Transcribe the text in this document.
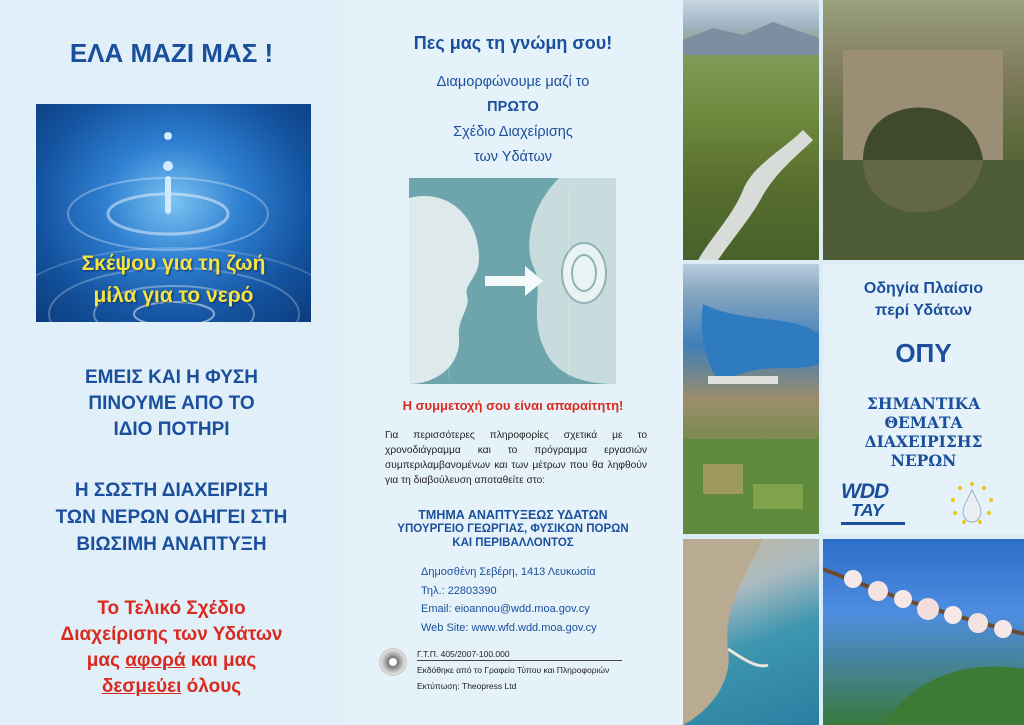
ΕΛΑ ΜΑΖΙ ΜΑΣ !
Σκέψου για τη ζωή
μίλα για το νερό
ΕΜΕΙΣ ΚΑΙ Η ΦΥΣΗ
ΠΙΝΟΥΜΕ ΑΠΟ ΤΟ
ΙΔΙΟ ΠΟΤΗΡΙ
Η ΣΩΣΤΗ ΔΙΑΧΕΙΡΙΣΗ
ΤΩΝ ΝΕΡΩΝ ΟΔΗΓΕΙ ΣΤΗ
ΒΙΩΣΙΜΗ ΑΝΑΠΤΥΞΗ
Το Τελικό Σχέδιο
Διαχείρισης των Υδάτων
μας αφορά και μας
δεσμεύει όλους
Πες μας τη γνώμη σου!
Διαμορφώνουμε μαζί το
ΠΡΩΤΟ
Σχέδιο Διαχείρισης
των Υδάτων
Η συμμετοχή σου είναι απαραίτητη!
Για περισσότερες πληροφορίες σχετικά με το χρονοδιάγραμμα και το πρόγραμμα εργασιών συμπεριλαμβανομένων και των μέτρων που θα ληφθούν για τη διαβούλευση αποταθείτε στο:
ΤΜΗΜΑ ΑΝΑΠΤΥΞΕΩΣ ΥΔΑΤΩΝ
ΥΠΟΥΡΓΕΙΟ ΓΕΩΡΓΙΑΣ, ΦΥΣΙΚΩΝ ΠΟΡΩΝ
ΚΑΙ ΠΕΡΙΒΑΛΛΟΝΤΟΣ
Δημοσθένη Σεβέρη, 1413 Λευκωσία
Τηλ.: 22803390
Email: eioannou@wdd.moa.gov.cy
Web Site: www.wfd.wdd.moa.gov.cy
Γ.Τ.Π. 405/2007-100.000
Εκδόθηκε από το Γραφείο Τύπου και Πληροφοριών
Εκτύπωση: Theopress Ltd
Οδηγία Πλαίσιο
περί Υδάτων
ΟΠΥ
ΣΗΜΑΝΤΙΚΑ
ΘΕΜΑΤΑ
ΔΙΑΧΕΙΡΙΣΗΣ
ΝΕΡΩΝ
WDD
ΤΑΥ
